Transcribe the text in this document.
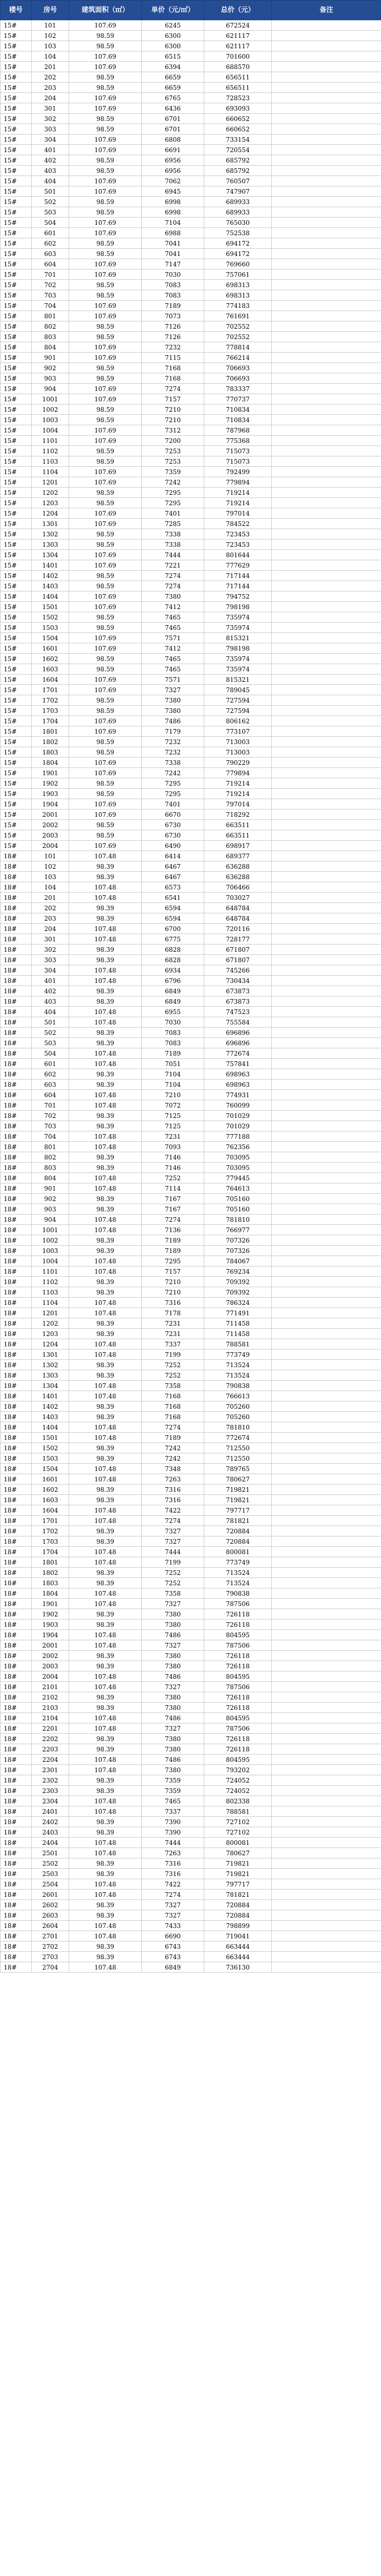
楼号	房号	建筑面积（㎡）	单价（元/㎡）	总价（元）	备注
15#	101	107.69	6245	672524	
15#	102	98.59	6300	621117	
15#	103	98.59	6300	621117	
15#	104	107.69	6515	701600	
15#	201	107.69	6394	688570	
15#	202	98.59	6659	656511	
15#	203	98.59	6659	656511	
15#	204	107.69	6765	728523	
15#	301	107.69	6436	693093	
15#	302	98.59	6701	660652	
15#	303	98.59	6701	660652	
15#	304	107.69	6808	733154	
15#	401	107.69	6691	720554	
15#	402	98.59	6956	685792	
15#	403	98.59	6956	685792	
15#	404	107.69	7062	760507	
15#	501	107.69	6945	747907	
15#	502	98.59	6998	689933	
15#	503	98.59	6998	689933	
15#	504	107.69	7104	765030	
15#	601	107.69	6988	752538	
15#	602	98.59	7041	694172	
15#	603	98.59	7041	694172	
15#	604	107.69	7147	769660	
15#	701	107.69	7030	757061	
15#	702	98.59	7083	698313	
15#	703	98.59	7083	698313	
15#	704	107.69	7189	774183	
15#	801	107.69	7073	761691	
15#	802	98.59	7126	702552	
15#	803	98.59	7126	702552	
15#	804	107.69	7232	778814	
15#	901	107.69	7115	766214	
15#	902	98.59	7168	706693	
15#	903	98.59	7168	706693	
15#	904	107.69	7274	783337	
15#	1001	107.69	7157	770737	
15#	1002	98.59	7210	710834	
15#	1003	98.59	7210	710834	
15#	1004	107.69	7312	787968	
15#	1101	107.69	7200	775368	
15#	1102	98.59	7253	715073	
15#	1103	98.59	7253	715073	
15#	1104	107.69	7359	792499	
15#	1201	107.69	7242	779894	
15#	1202	98.59	7295	719214	
15#	1203	98.59	7295	719214	
15#	1204	107.69	7401	797014	
15#	1301	107.69	7285	784522	
15#	1302	98.59	7338	723453	
15#	1303	98.59	7338	723453	
15#	1304	107.69	7444	801644	
15#	1401	107.69	7221	777629	
15#	1402	98.59	7274	717144	
15#	1403	98.59	7274	717144	
15#	1404	107.69	7380	794752	
15#	1501	107.69	7412	798198	
15#	1502	98.59	7465	735974	
15#	1503	98.59	7465	735974	
15#	1504	107.69	7571	815321	
15#	1601	107.69	7412	798198	
15#	1602	98.59	7465	735974	
15#	1603	98.59	7465	735974	
15#	1604	107.69	7571	815321	
15#	1701	107.69	7327	789045	
15#	1702	98.59	7380	727594	
15#	1703	98.59	7380	727594	
15#	1704	107.69	7486	806162	
15#	1801	107.69	7179	773107	
15#	1802	98.59	7232	713003	
15#	1803	98.59	7232	713003	
15#	1804	107.69	7338	790229	
15#	1901	107.69	7242	779894	
15#	1902	98.59	7295	719214	
15#	1903	98.59	7295	719214	
15#	1904	107.69	7401	797014	
15#	2001	107.69	6670	718292	
15#	2002	98.59	6730	663511	
15#	2003	98.59	6730	663511	
15#	2004	107.69	6490	698917	
18#	101	107.48	6414	689377	
18#	102	98.39	6467	636288	
18#	103	98.39	6467	636288	
18#	104	107.48	6573	706466	
18#	201	107.48	6541	703027	
18#	202	98.39	6594	648784	
18#	203	98.39	6594	648784	
18#	204	107.48	6700	720116	
18#	301	107.48	6775	728177	
18#	302	98.39	6828	671807	
18#	303	98.39	6828	671807	
18#	304	107.48	6934	745266	
18#	401	107.48	6796	730434	
18#	402	98.39	6849	673873	
18#	403	98.39	6849	673873	
18#	404	107.48	6955	747523	
18#	501	107.48	7030	755584	
18#	502	98.39	7083	696896	
18#	503	98.39	7083	696896	
18#	504	107.48	7189	772674	
18#	601	107.48	7051	757841	
18#	602	98.39	7104	698963	
18#	603	98.39	7104	698963	
18#	604	107.48	7210	774931	
18#	701	107.48	7072	760099	
18#	702	98.39	7125	701029	
18#	703	98.39	7125	701029	
18#	704	107.48	7231	777188	
18#	801	107.48	7093	762356	
18#	802	98.39	7146	703095	
18#	803	98.39	7146	703095	
18#	804	107.48	7252	779445	
18#	901	107.48	7114	764613	
18#	902	98.39	7167	705160	
18#	903	98.39	7167	705160	
18#	904	107.48	7274	781810	
18#	1001	107.48	7136	766977	
18#	1002	98.39	7189	707326	
18#	1003	98.39	7189	707326	
18#	1004	107.48	7295	784067	
18#	1101	107.48	7157	769234	
18#	1102	98.39	7210	709392	
18#	1103	98.39	7210	709392	
18#	1104	107.48	7316	786324	
18#	1201	107.48	7178	771491	
18#	1202	98.39	7231	711458	
18#	1203	98.39	7231	711458	
18#	1204	107.48	7337	788581	
18#	1301	107.48	7199	773749	
18#	1302	98.39	7252	713524	
18#	1303	98.39	7252	713524	
18#	1304	107.48	7358	790838	
18#	1401	107.48	7168	766613	
18#	1402	98.39	7168	705260	
18#	1403	98.39	7168	705260	
18#	1404	107.48	7274	781810	
18#	1501	107.48	7189	772674	
18#	1502	98.39	7242	712550	
18#	1503	98.39	7242	712550	
18#	1504	107.48	7348	789765	
18#	1601	107.48	7263	780627	
18#	1602	98.39	7316	719821	
18#	1603	98.39	7316	719821	
18#	1604	107.48	7422	797717	
18#	1701	107.48	7274	781821	
18#	1702	98.39	7327	720884	
18#	1703	98.39	7327	720884	
18#	1704	107.48	7444	800081	
18#	1801	107.48	7199	773749	
18#	1802	98.39	7252	713524	
18#	1803	98.39	7252	713524	
18#	1804	107.48	7358	790838	
18#	1901	107.48	7327	787506	
18#	1902	98.39	7380	726118	
18#	1903	98.39	7380	726118	
18#	1904	107.48	7486	804595	
18#	2001	107.48	7327	787506	
18#	2002	98.39	7380	726118	
18#	2003	98.39	7380	726118	
18#	2004	107.48	7486	804595	
18#	2101	107.48	7327	787506	
18#	2102	98.39	7380	726118	
18#	2103	98.39	7380	726118	
18#	2104	107.48	7486	804595	
18#	2201	107.48	7327	787506	
18#	2202	98.39	7380	726118	
18#	2203	98.39	7380	726118	
18#	2204	107.48	7486	804595	
18#	2301	107.48	7380	793202	
18#	2302	98.39	7359	724052	
18#	2303	98.39	7359	724052	
18#	2304	107.48	7465	802338	
18#	2401	107.48	7337	788581	
18#	2402	98.39	7390	727102	
18#	2403	98.39	7390	727102	
18#	2404	107.48	7444	800081	
18#	2501	107.48	7263	780627	
18#	2502	98.39	7316	719821	
18#	2503	98.39	7316	719821	
18#	2504	107.48	7422	797717	
18#	2601	107.48	7274	781821	
18#	2602	98.39	7327	720884	
18#	2603	98.39	7327	720884	
18#	2604	107.48	7433	798899	
18#	2701	107.48	6690	719041	
18#	2702	98.39	6743	663444	
18#	2703	98.39	6743	663444	
18#	2704	107.48	6849	736130	
